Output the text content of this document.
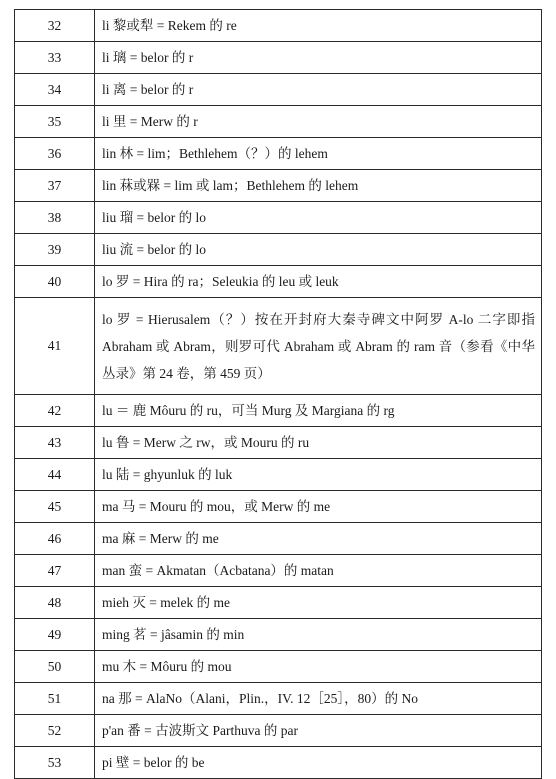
32	li 黎或犁 = Rekem 的 re
33	li 璃 = belor 的 r
34	li 离 = belor 的 r
35	li 里 = Merw 的 r
36	lin 林 = lim；Bethlehem（？）的 lehem
37	lin 菻或槑 = lim 或 lam；Bethlehem 的 lehem
38	liu 瑠 = belor 的 lo
39	liu 流 = belor 的 lo
40	lo 罗 = Hira 的 ra；Seleukia 的 leu 或 leuk
41	lo 罗 = Hierusalem（？）按在开封府大秦寺碑文中阿罗 A-lo 二字即指 Abraham 或 Abram，则罗可代 Abraham 或 Abram 的 ram 音（参看《中华丛录》第 24 卷，第 459 页）
42	lu ＝ 鹿 Môuru 的 ru，可当 Murg 及 Margiana 的 rg
43	lu 鲁 = Merw 之 rw，或 Mouru 的 ru
44	lu 陆 = ghyunluk 的 luk
45	ma 马 = Mouru 的 mou，或 Merw 的 me
46	ma 麻 = Merw 的 me
47	man 蛮 = Akmatan（Acbatana）的 matan
48	mieh 灭 = melek 的 me
49	ming 茗 = jâsamin 的 min
50	mu 木 = Môuru 的 mou
51	na 那 = AlaNo（Alani，Plin.，IV. 12［25］，80）的 No
52	p'an 番 = 古波斯文 Parthuva 的 par
53	pi 壁 = belor 的 be
